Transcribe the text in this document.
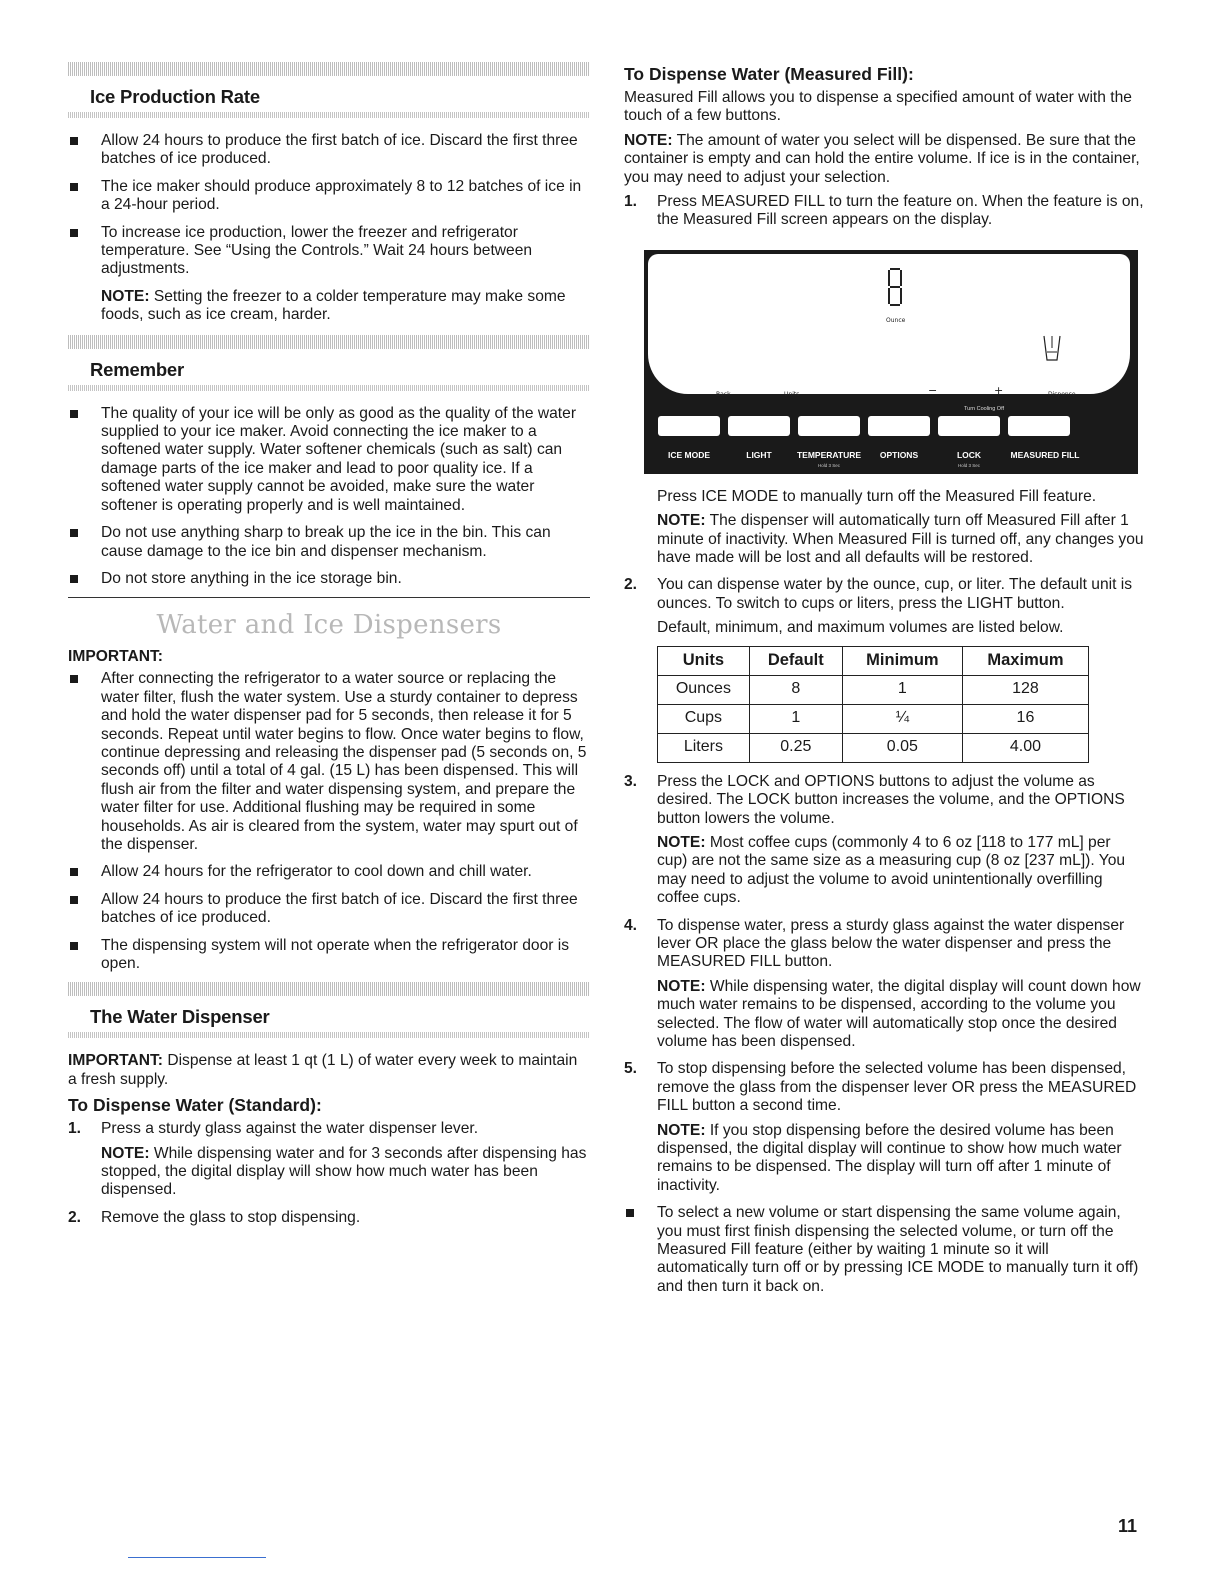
Ice Production Rate
Allow 24 hours to produce the first batch of ice. Discard the first three batches of ice produced.
The ice maker should produce approximately 8 to 12 batches of ice in a 24-hour period.
To increase ice production, lower the freezer and refrigerator temperature. See “Using the Controls.” Wait 24 hours between adjustments.

NOTE: Setting the freezer to a colder temperature may make some foods, such as ice cream, harder.

Remember
The quality of your ice will be only as good as the quality of the water supplied to your ice maker. Avoid connecting the ice maker to a softened water supply. Water softener chemicals (such as salt) can damage parts of the ice maker and lead to poor quality ice. If a softened water supply cannot be avoided, make sure the water softener is operating properly and is well maintained.
Do not use anything sharp to break up the ice in the bin. This can cause damage to the ice bin and dispenser mechanism.
Do not store anything in the ice storage bin.
Water and Ice Dispensers
IMPORTANT:
After connecting the refrigerator to a water source or replacing the water filter, flush the water system. Use a sturdy container to depress and hold the water dispenser pad for 5 seconds, then release it for 5 seconds. Repeat until water begins to flow. Once water begins to flow, continue depressing and releasing the dispenser pad (5 seconds on, 5 seconds off) until a total of 4 gal. (15 L) has been dispensed. This will flush air from the filter and water dispensing system, and prepare the water filter for use. Additional flushing may be required in some households. As air is cleared from the system, water may spurt out of the dispenser.
Allow 24 hours for the refrigerator to cool down and chill water.
Allow 24 hours to produce the first batch of ice. Discard the first three batches of ice produced.
The dispensing system will not operate when the refrigerator door is open.
The Water Dispenser

IMPORTANT: Dispense at least 1 qt (1 L) of water every week to maintain a fresh supply.

To Dispense Water (Standard):
1. Press a sturdy glass against the water dispenser lever.

NOTE: While dispensing water and for 3 seconds after dispensing has stopped, the digital display will show how much water has been dispensed.

2. Remove the glass to stop dispensing.
To Dispense Water (Measured Fill):

Measured Fill allows you to dispense a specified amount of water with the touch of a few buttons.

NOTE: The amount of water you select will be dispensed. Be sure that the container is empty and can hold the entire volume. If ice is in the container, you may need to adjust your selection.

1. Press MEASURED FILL to turn the feature on. When the feature is on, the Measured Fill screen appears on the display.
Ounce
Back	Units	−	+	Dispense
Turn Cooling Off
ICE MODE	LIGHT	TEMPERATURE	OPTIONS	LOCK	MEASURED FILL
Hold 3 Sec	Hold 3 Sec

Press ICE MODE to manually turn off the Measured Fill feature.

NOTE: The dispenser will automatically turn off Measured Fill after 1 minute of inactivity. When Measured Fill is turned off, any changes you have made will be lost and all defaults will be restored.

2. You can dispense water by the ounce, cup, or liter. The default unit is ounces. To switch to cups or liters, press the LIGHT button.

Default, minimum, and maximum volumes are listed below.

Units	Default	Minimum	Maximum
Ounces	8	1	128
Cups	1	¼	16
Liters	0.25	0.05	4.00
3. Press the LOCK and OPTIONS buttons to adjust the volume as desired. The LOCK button increases the volume, and the OPTIONS button lowers the volume.

NOTE: Most coffee cups (commonly 4 to 6 oz [118 to 177 mL] per cup) are not the same size as a measuring cup (8 oz [237 mL]). You may need to adjust the volume to avoid unintentionally overfilling coffee cups.

4. To dispense water, press a sturdy glass against the water dispenser lever OR place the glass below the water dispenser and press the MEASURED FILL button.

NOTE: While dispensing water, the digital display will count down how much water remains to be dispensed, according to the volume you selected. The flow of water will automatically stop once the desired volume has been dispensed.

5. To stop dispensing before the selected volume has been dispensed, remove the glass from the dispenser lever OR press the MEASURED FILL button a second time.

NOTE: If you stop dispensing before the desired volume has been dispensed, the digital display will continue to show how much water remains to be dispensed. The display will turn off after 1 minute of inactivity.

To select a new volume or start dispensing the same volume again, you must first finish dispensing the selected volume, or turn off the Measured Fill feature (either by waiting 1 minute so it will automatically turn off or by pressing ICE MODE to manually turn it off) and then turn it back on.
11
